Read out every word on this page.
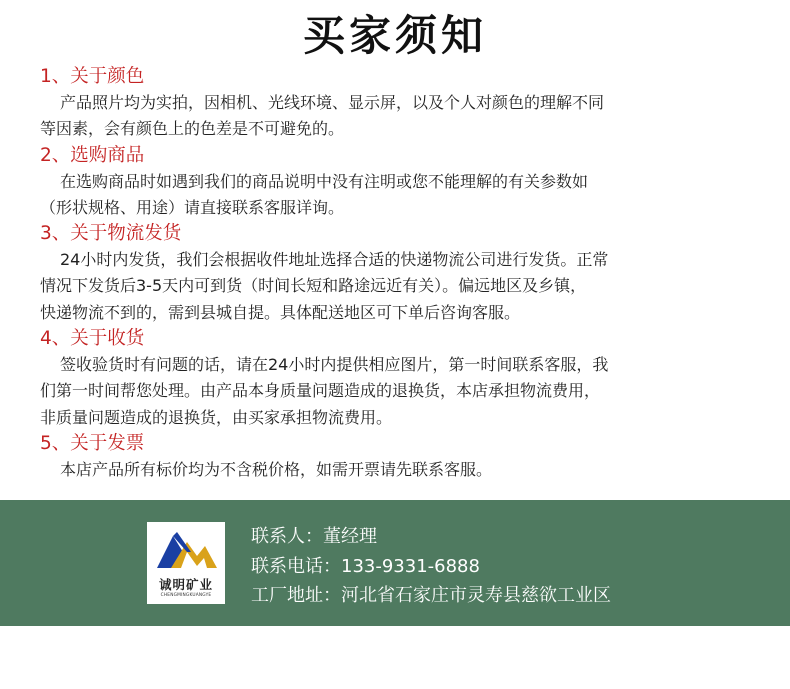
买家须知
1、关于颜色

产品照片均为实拍，因相机、光线环境、显示屏，以及个人对颜色的理解不同

等因素，会有颜色上的色差是不可避免的。

2、选购商品

在选购商品时如遇到我们的商品说明中没有注明或您不能理解的有关参数如

（形状规格、用途）请直接联系客服详询。

3、关于物流发货

24小时内发货，我们会根据收件地址选择合适的快递物流公司进行发货。正常

情况下发货后3-5天内可到货（时间长短和路途远近有关）。偏远地区及乡镇，

快递物流不到的，需到县城自提。具体配送地区可下单后咨询客服。

4、关于收货

签收验货时有问题的话，请在24小时内提供相应图片，第一时间联系客服，我

们第一时间帮您处理。由产品本身质量问题造成的退换货，本店承担物流费用，

非质量问题造成的退换货，由买家承担物流费用。

5、关于发票

本店产品所有标价均为不含税价格，如需开票请先联系客服。

诚明矿业
CHENGMINGKUANGYE
联系人：董经理
联系电话：133-9331-6888
工厂地址：河北省石家庄市灵寿县慈欲工业区
